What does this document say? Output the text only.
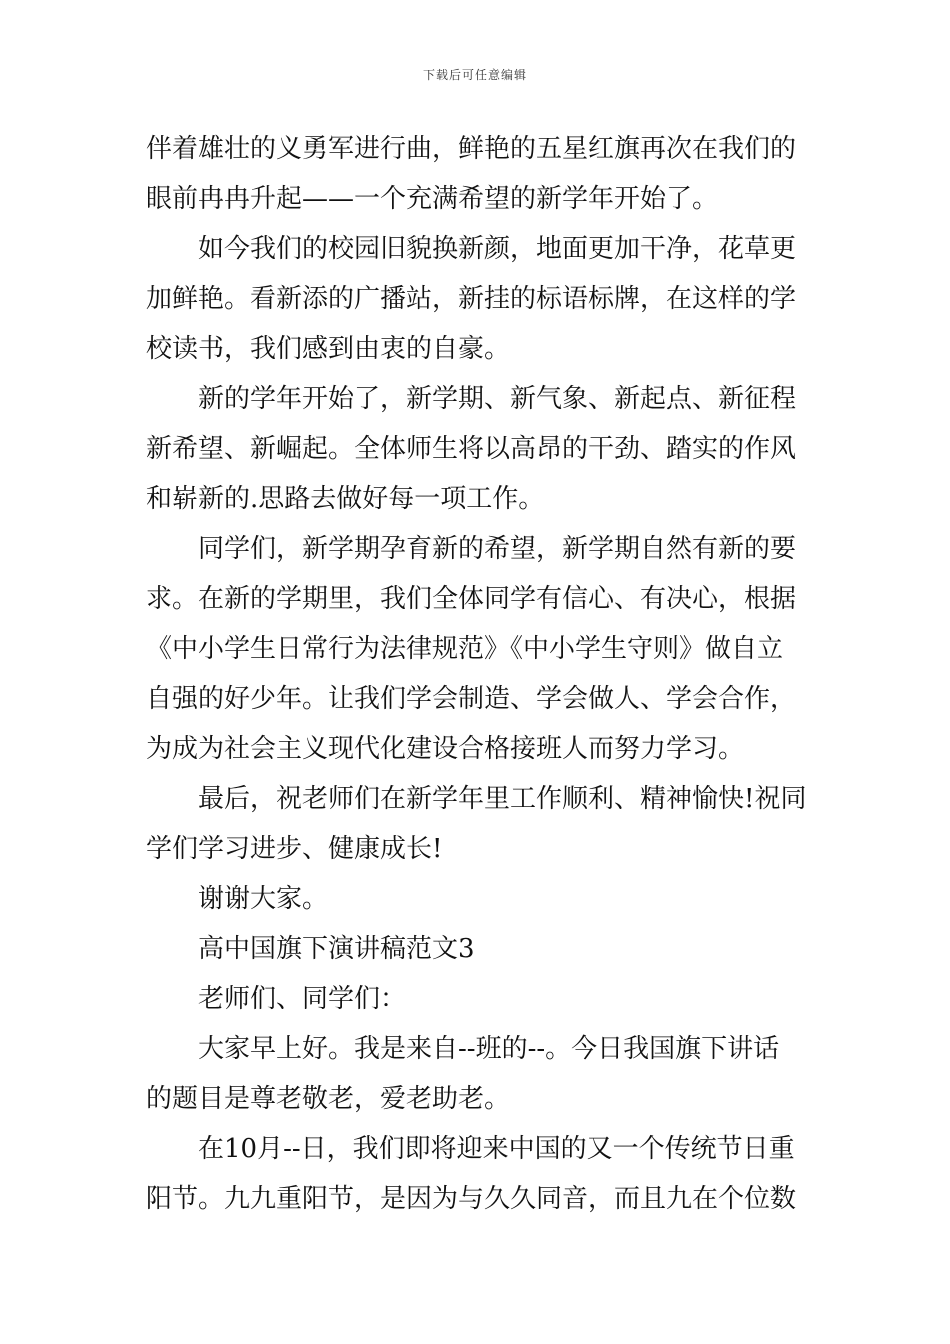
下载后可任意编辑
伴着雄壮的义勇军进行曲，鲜艳的五星红旗再次在我们的
眼前冉冉升起——一个充满希望的新学年开始了。
如今我们的校园旧貌换新颜，地面更加干净，花草更
加鲜艳。看新添的广播站，新挂的标语标牌，在这样的学
校读书，我们感到由衷的自豪。
新的学年开始了，新学期、新气象、新起点、新征程
新希望、新崛起。全体师生将以高昂的干劲、踏实的作风
和崭新的.思路去做好每一项工作。
同学们，新学期孕育新的希望，新学期自然有新的要
求。在新的学期里，我们全体同学有信心、有决心，根据
《中小学生日常行为法律规范》《中小学生守则》做自立
自强的好少年。让我们学会制造、学会做人、学会合作，
为成为社会主义现代化建设合格接班人而努力学习。
最后，祝老师们在新学年里工作顺利、精神愉快!祝同
学们学习进步、健康成长!
谢谢大家。
高中国旗下演讲稿范文3
老师们、同学们：
大家早上好。我是来自--班的--。今日我国旗下讲话
的题目是尊老敬老，爱老助老。
在10月--日，我们即将迎来中国的又一个传统节日重
阳节。九九重阳节，是因为与久久同音，而且九在个位数
